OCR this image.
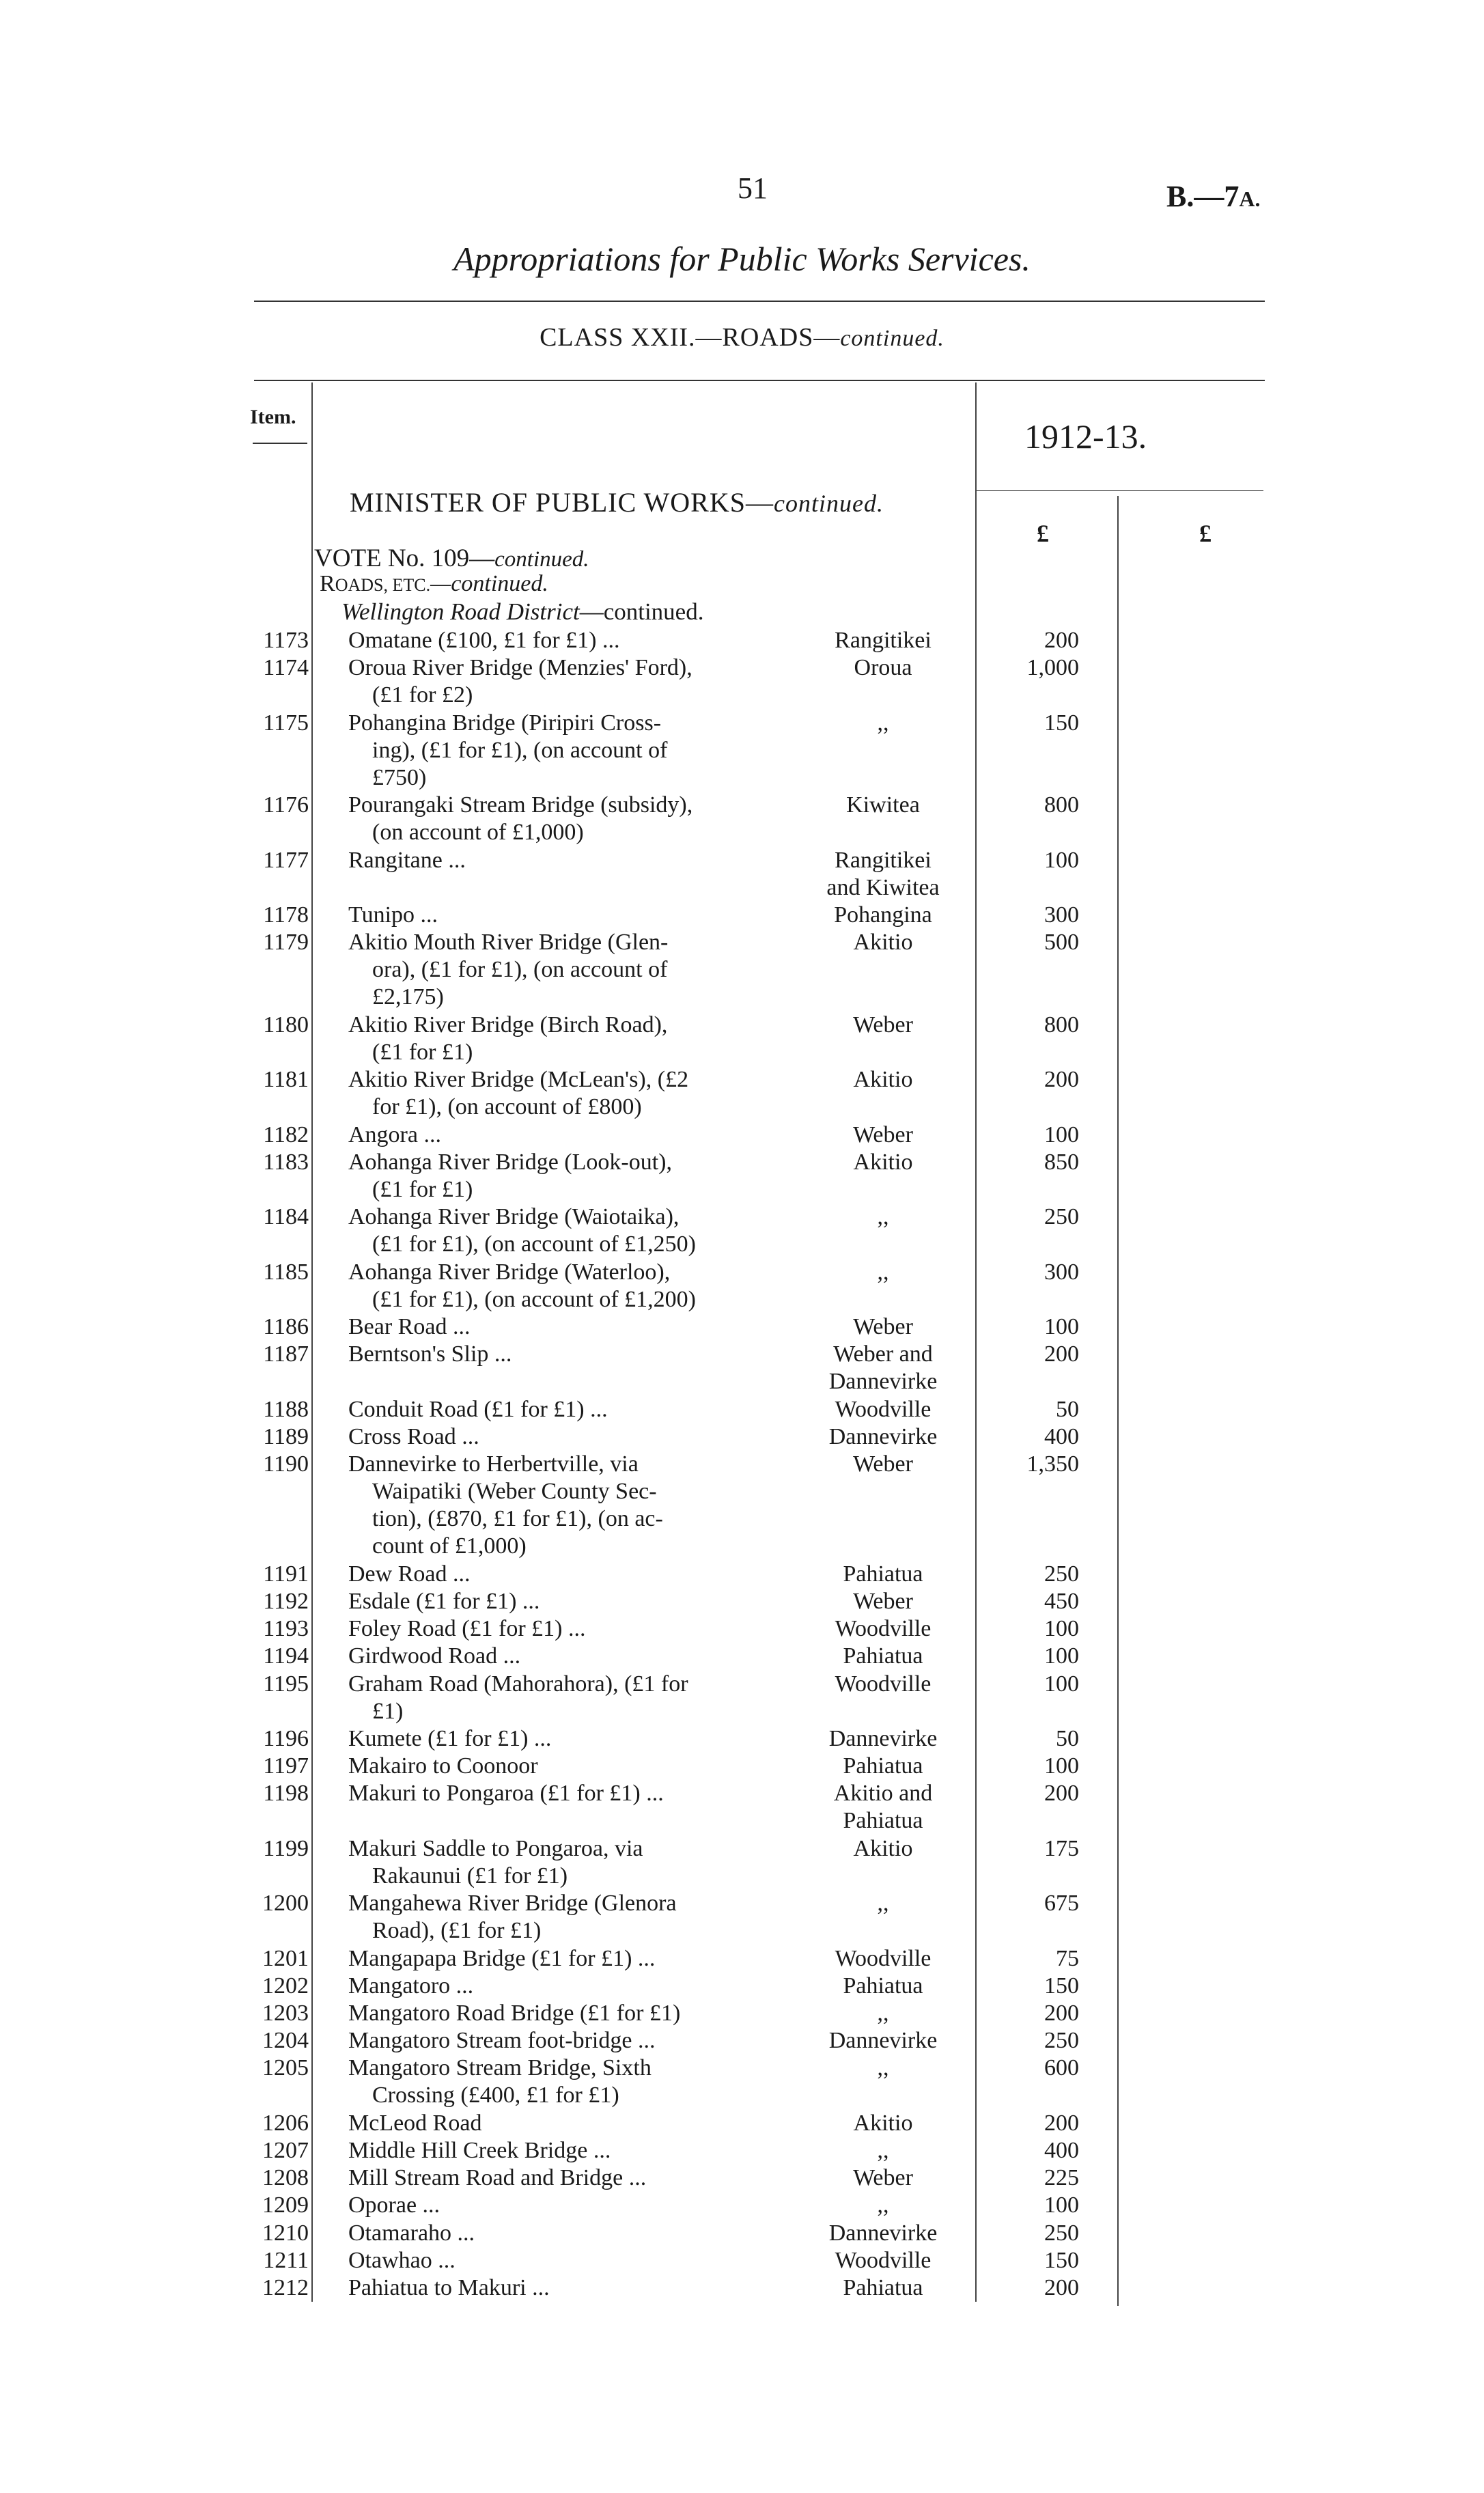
51	B.—7A.
Appropriations for Public Works Services.
CLASS XXII.—ROADS—continued.
Item.
1912-13.
£	£
MINISTER OF PUBLIC WORKS—continued.
VOTE No. 109—continued.
ROADS, ETC.—continued.
Wellington Road District—continued.
1173 Omatane (£100, £1 for £1) ...	Rangitikei	200
1174 Oroua River Bridge (Menzies' Ford),
(£1 for £2)
Oroua	1,000
1175 Pohangina Bridge (Piripiri Cross-
ing), (£1 for £1), (on account of
£750)
,,	150
1176 Pourangaki Stream Bridge (subsidy),
(on account of £1,000)
Kiwitea	800
1177 Rangitane ...	Rangitikei
and Kiwitea
100
1178 Tunipo ...	Pohangina	300
1179 Akitio Mouth River Bridge (Glen-
ora), (£1 for £1), (on account of
£2,175)
Akitio	500
1180 Akitio River Bridge (Birch Road),
(£1 for £1)
Weber	800
1181 Akitio River Bridge (McLean's), (£2
for £1), (on account of £800)
Akitio	200
1182 Angora ...	Weber	100
1183 Aohanga River Bridge (Look-out),
(£1 for £1)
Akitio	850
1184 Aohanga River Bridge (Waiotaika),
(£1 for £1), (on account of £1,250)
,,	250
1185 Aohanga River Bridge (Waterloo),
(£1 for £1), (on account of £1,200)
,,	300
1186 Bear Road ...	Weber	100
1187 Berntson's Slip ...	Weber and
Dannevirke
200
1188 Conduit Road (£1 for £1) ...	Woodville	50
1189 Cross Road ...	Dannevirke	400
1190 Dannevirke to Herbertville, via
Waipatiki (Weber County Sec-
tion), (£870, £1 for £1), (on ac-
count of £1,000)
Weber	1,350
1191 Dew Road ...	Pahiatua	250
1192 Esdale (£1 for £1) ...	Weber	450
1193 Foley Road (£1 for £1) ...	Woodville	100
1194 Girdwood Road ...	Pahiatua	100
1195 Graham Road (Mahorahora), (£1 for
£1)
Woodville	100
1196 Kumete (£1 for £1) ...	Dannevirke	50
1197 Makairo to Coonoor	Pahiatua	100
1198 Makuri to Pongaroa (£1 for £1) ...	Akitio and
Pahiatua
200
1199 Makuri Saddle to Pongaroa, via
Rakaunui (£1 for £1)
Akitio	175
1200 Mangahewa River Bridge (Glenora
Road), (£1 for £1)
,,	675
1201 Mangapapa Bridge (£1 for £1) ...	Woodville	75
1202 Mangatoro ...	Pahiatua	150
1203 Mangatoro Road Bridge (£1 for £1)	,,	200
1204 Mangatoro Stream foot-bridge ...	Dannevirke	250
1205 Mangatoro Stream Bridge, Sixth
Crossing (£400, £1 for £1)
,,	600
1206 McLeod Road	Akitio	200
1207 Middle Hill Creek Bridge ...	,,	400
1208 Mill Stream Road and Bridge ...	Weber	225
1209 Oporae ...	,,	100
1210 Otamaraho ...	Dannevirke	250
1211 Otawhao ...	Woodville	150
1212 Pahiatua to Makuri ...	Pahiatua	200
